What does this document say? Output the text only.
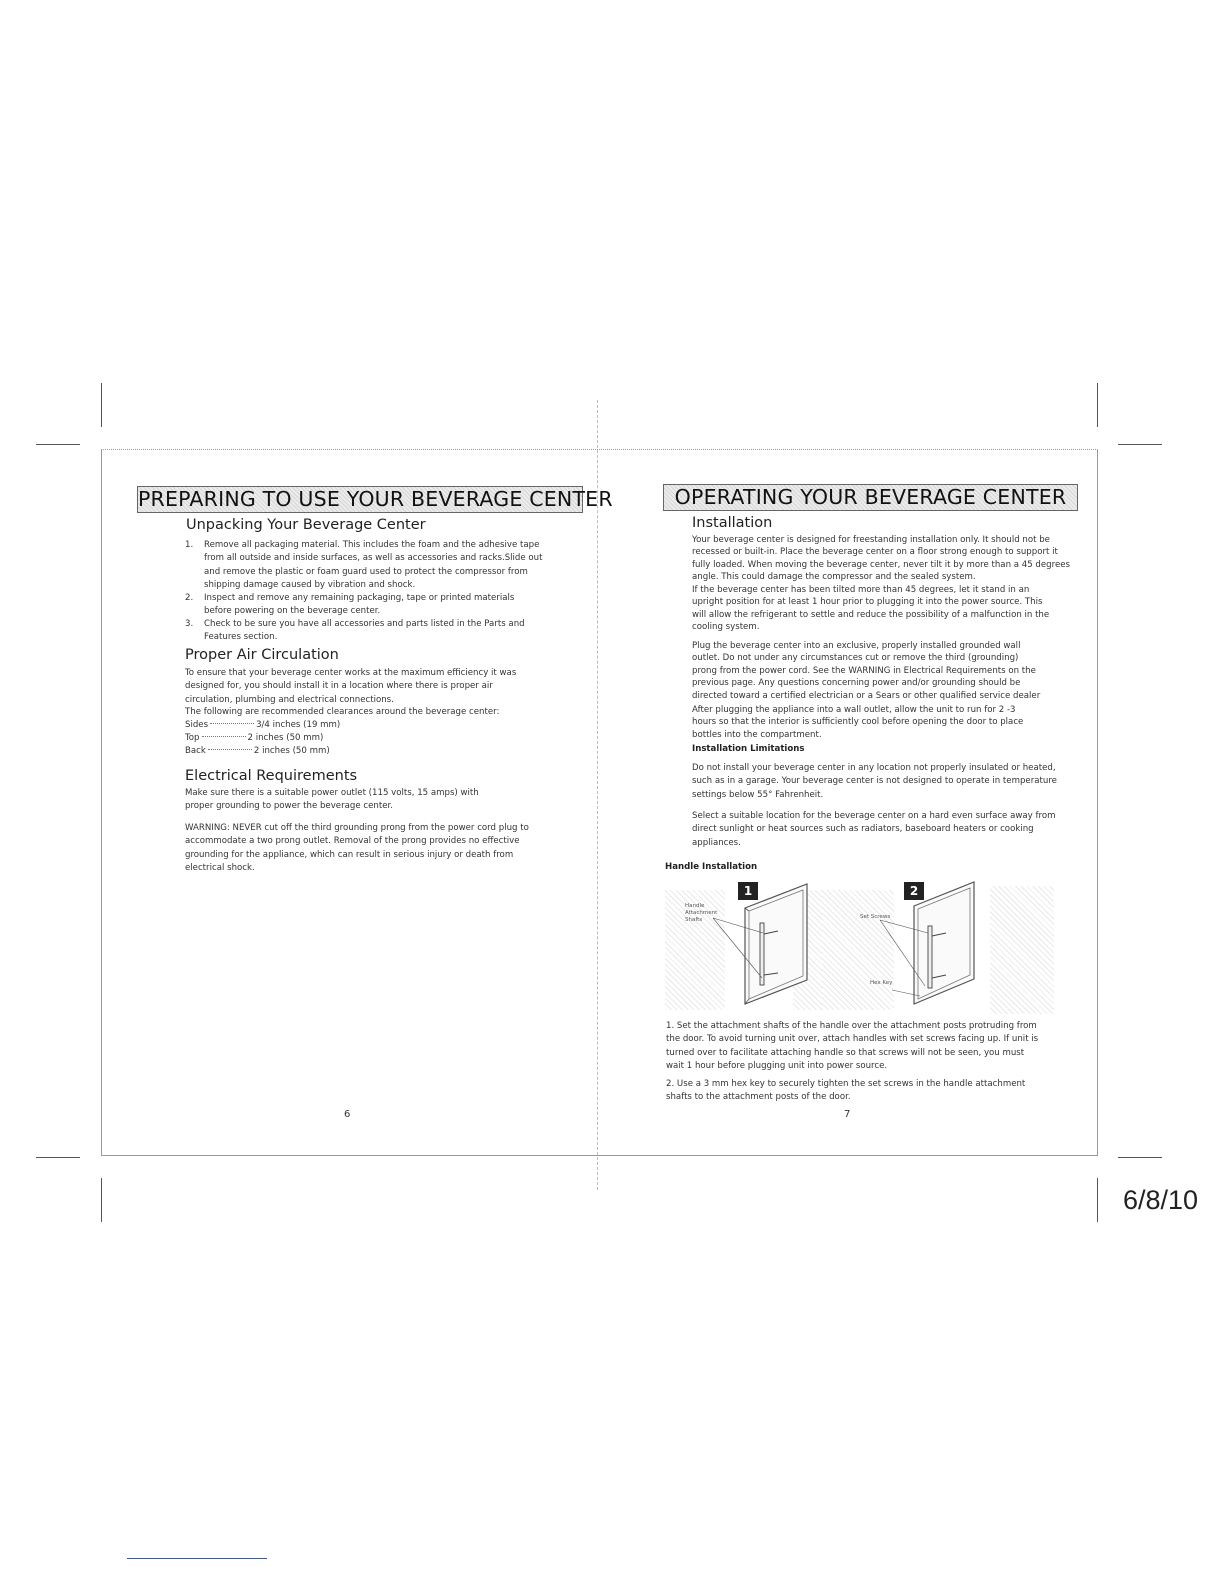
PREPARING TO USE YOUR BEVERAGE CENTER
Unpacking Your Beverage Center
1. Remove all packaging material. This includes the foam and the adhesive tape from all outside and inside surfaces, as well as accessories and racks.Slide out and remove the plastic or foam guard used to protect the compressor from shipping damage caused by vibration and shock.
2. Inspect and remove any remaining packaging, tape or printed materials before powering on the beverage center.
3. Check to be sure you have all accessories and parts listed in the Parts and Features section.
Proper Air Circulation
To ensure that your beverage center works at the maximum efficiency it was designed for, you should install it in a location where there is proper air circulation, plumbing and electrical connections.
The following are recommended clearances around the beverage center:
Sides	3/4 inches (19 mm)
Top	2 inches (50 mm)
Back	2 inches (50 mm)
Electrical Requirements
Make sure there is a suitable power outlet (115 volts, 15 amps) with proper grounding to power the beverage center.
WARNING: NEVER cut off the third grounding prong from the power cord plug to accommodate a two prong outlet. Removal of the prong provides no effective grounding for the appliance, which can result in serious injury or death from electrical shock.
6
OPERATING YOUR BEVERAGE CENTER
Installation
Your beverage center is designed for freestanding installation only. It should not be recessed or built-in. Place the beverage center on a floor strong enough to support it fully loaded. When moving the beverage center, never tilt it by more than a 45 degrees angle. This could damage the compressor and the sealed system.
If the beverage center has been tilted more than 45 degrees, let it stand in an upright position for at least 1 hour prior to plugging it into the power source. This will allow the refrigerant to settle and reduce the possibility of a malfunction in the cooling system.
Plug the beverage center into an exclusive, properly installed grounded wall outlet. Do not under any circumstances cut or remove the third (grounding) prong from the power cord. See the WARNING in Electrical Requirements on the previous page. Any questions concerning power and/or grounding should be directed toward a certified electrician or a Sears or other qualified service dealer
After plugging the appliance into a wall outlet, allow the unit to run for 2 -3 hours so that the interior is sufficiently cool before opening the door to place bottles into the compartment.
Installation Limitations
Do not install your beverage center in any location not properly insulated or heated, such as in a garage. Your beverage center is not designed to operate in temperature settings below 55° Fahrenheit.
Select a suitable location for the beverage center on a hard even surface away from direct sunlight or heat sources such as radiators, baseboard heaters or cooking appliances.
Handle Installation
1
Handle Attachment Shafts
2
Set Screws
Hex Key
1. Set the attachment shafts of the handle over the attachment posts protruding from the door. To avoid turning unit over, attach handles with set screws facing up. If unit is turned over to facilitate attaching handle so that screws will not be seen, you must wait 1 hour before plugging unit into power source.
2. Use a 3 mm hex key to securely tighten the set screws in the handle attachment shafts to the attachment posts of the door.
7
6/8/10
